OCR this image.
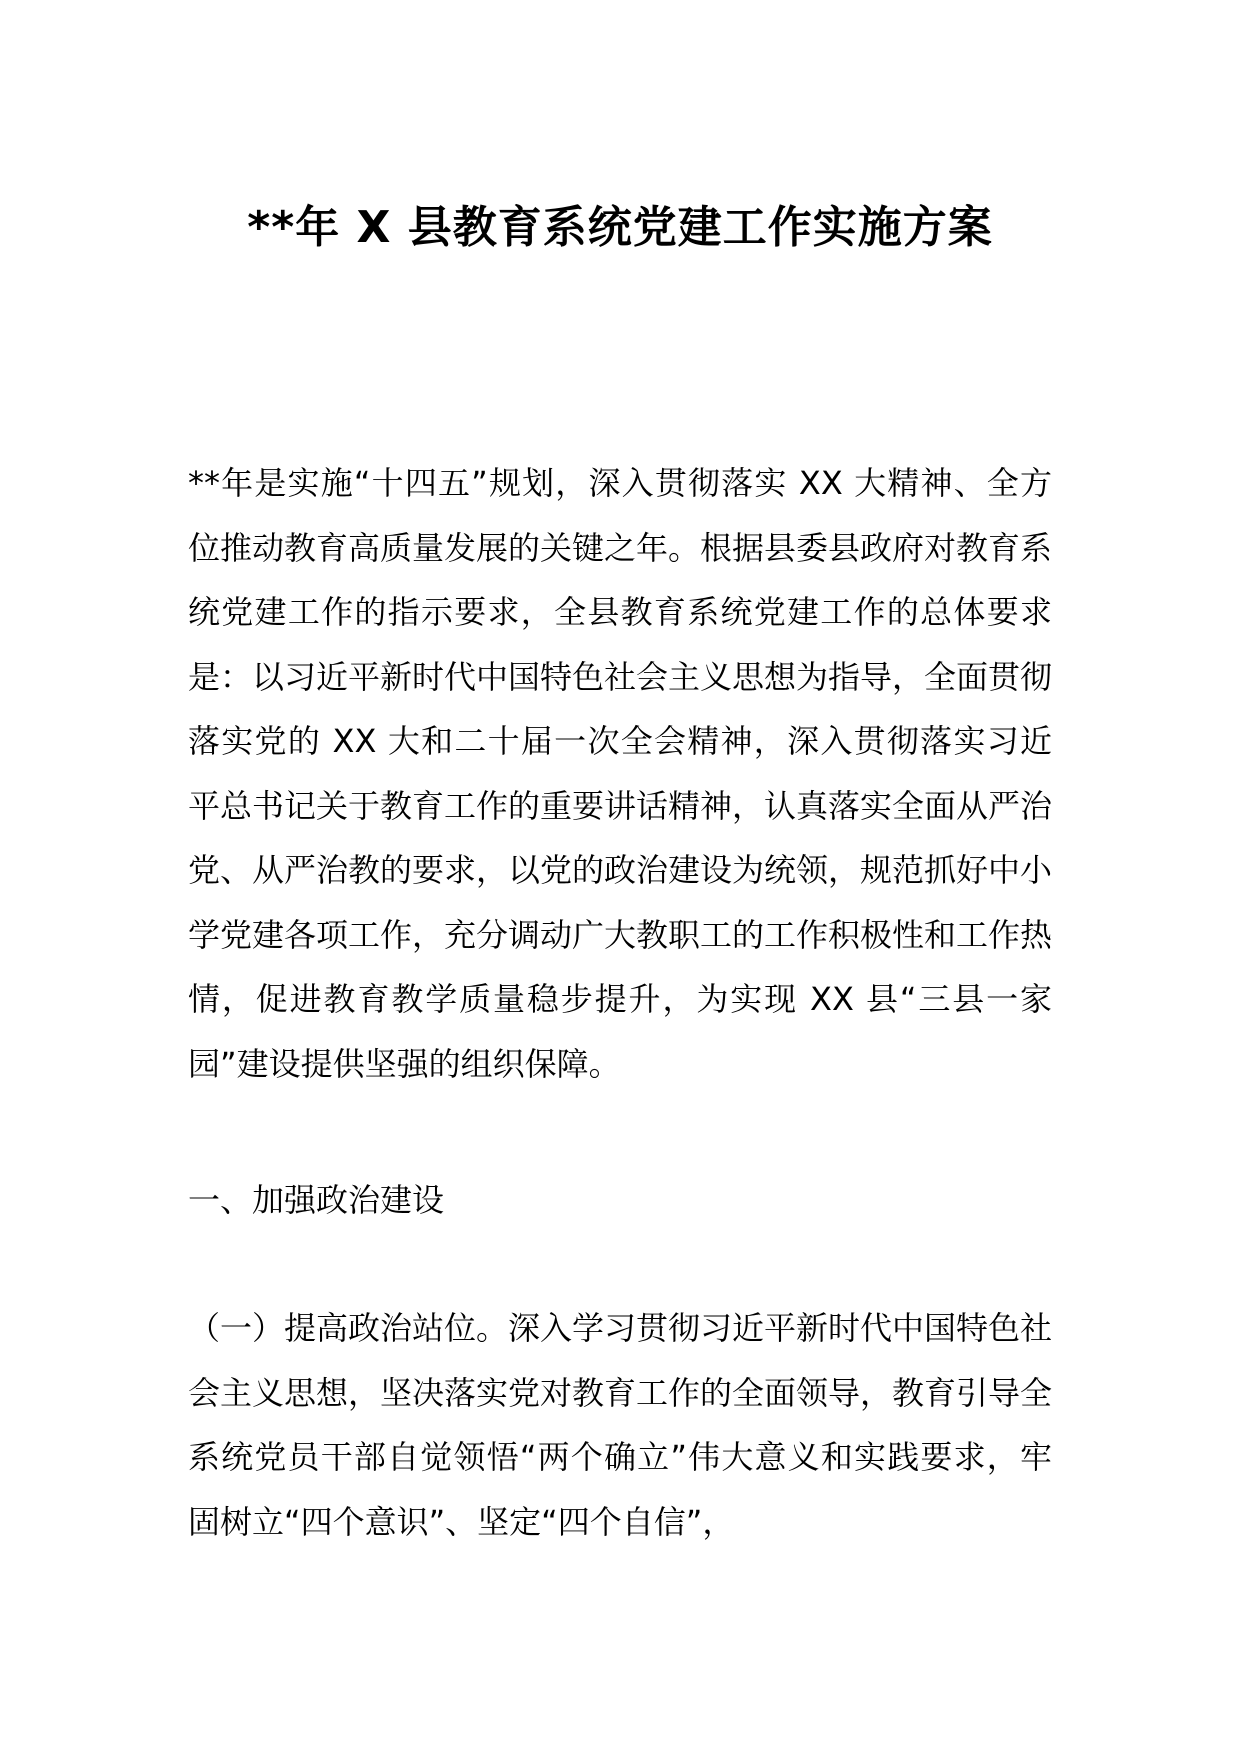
**年 X 县教育系统党建工作实施方案

**年是实施“十四五”规划，深入贯彻落实 XX 大精神、全方位推动教育高质量发展的关键之年。根据县委县政府对教育系统党建工作的指示要求，全县教育系统党建工作的总体要求是：以习近平新时代中国特色社会主义思想为指导，全面贯彻落实党的 XX 大和二十届一次全会精神，深入贯彻落实习近平总书记关于教育工作的重要讲话精神，认真落实全面从严治党、从严治教的要求，以党的政治建设为统领，规范抓好中小学党建各项工作，充分调动广大教职工的工作积极性和工作热情，促进教育教学质量稳步提升，为实现 XX 县“三县一家园”建设提供坚强的组织保障。

一、加强政治建设

（一）提高政治站位。深入学习贯彻习近平新时代中国特色社会主义思想，坚决落实党对教育工作的全面领导，教育引导全系统党员干部自觉领悟“两个确立”伟大意义和实践要求，牢固树立“四个意识”、坚定“四个自信”，
